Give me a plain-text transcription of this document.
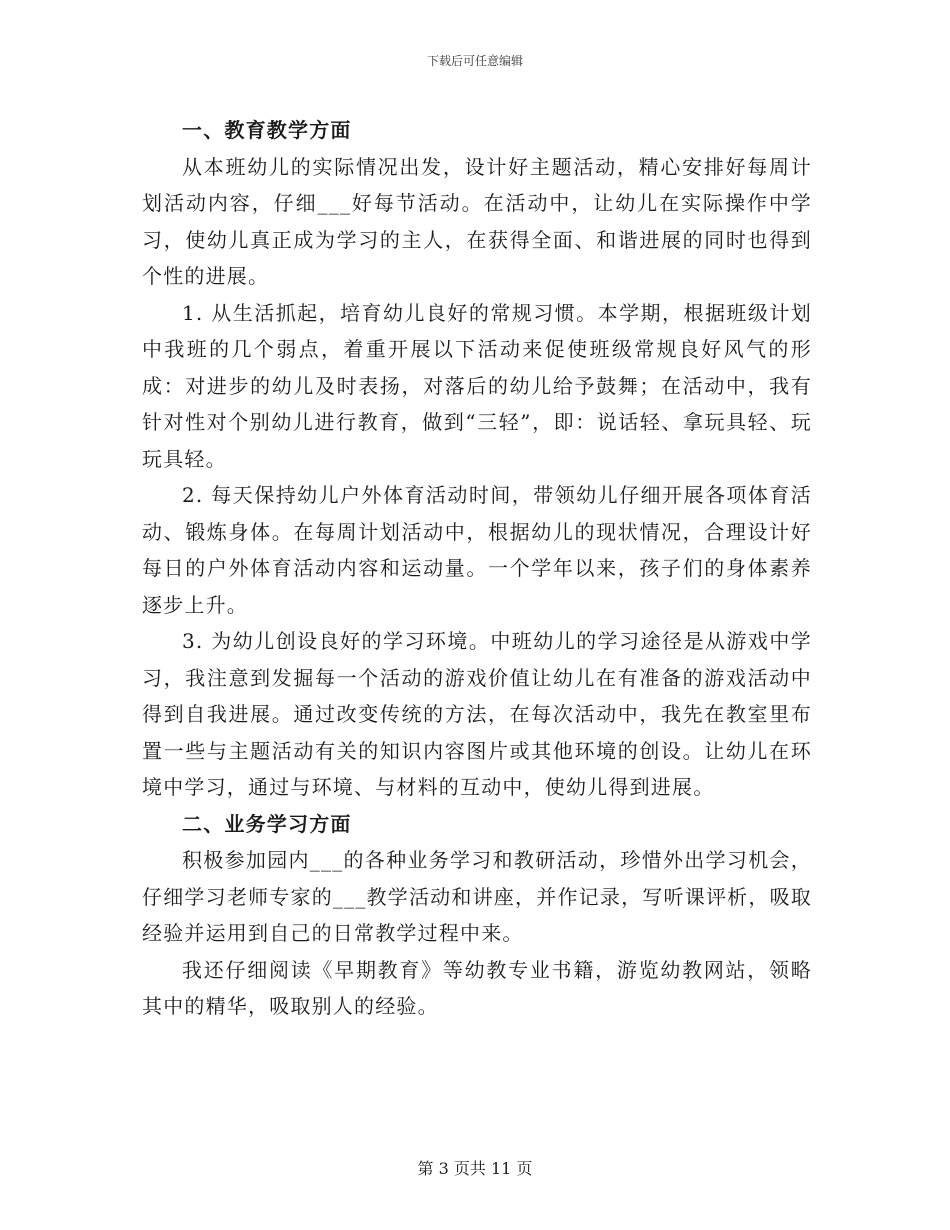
下载后可任意编辑
一、教育教学方面

从本班幼儿的实际情况出发，设计好主题活动，精心安排好每周计划活动内容，仔细___好每节活动。在活动中，让幼儿在实际操作中学习，使幼儿真正成为学习的主人，在获得全面、和谐进展的同时也得到个性的进展。

1. 从生活抓起，培育幼儿良好的常规习惯。本学期，根据班级计划中我班的几个弱点，着重开展以下活动来促使班级常规良好风气的形成：对进步的幼儿及时表扬，对落后的幼儿给予鼓舞；在活动中，我有针对性对个别幼儿进行教育，做到“三轻”，即：说话轻、拿玩具轻、玩玩具轻。

2. 每天保持幼儿户外体育活动时间，带领幼儿仔细开展各项体育活动、锻炼身体。在每周计划活动中，根据幼儿的现状情况，合理设计好每日的户外体育活动内容和运动量。一个学年以来，孩子们的身体素养逐步上升。

3. 为幼儿创设良好的学习环境。中班幼儿的学习途径是从游戏中学习，我注意到发掘每一个活动的游戏价值让幼儿在有准备的游戏活动中得到自我进展。通过改变传统的方法，在每次活动中，我先在教室里布置一些与主题活动有关的知识内容图片或其他环境的创设。让幼儿在环境中学习，通过与环境、与材料的互动中，使幼儿得到进展。

二、业务学习方面

积极参加园内___的各种业务学习和教研活动，珍惜外出学习机会，仔细学习老师专家的___教学活动和讲座，并作记录，写听课评析，吸取经验并运用到自己的日常教学过程中来。

我还仔细阅读《早期教育》等幼教专业书籍，游览幼教网站，领略其中的精华，吸取别人的经验。

第 3 页共 11 页
